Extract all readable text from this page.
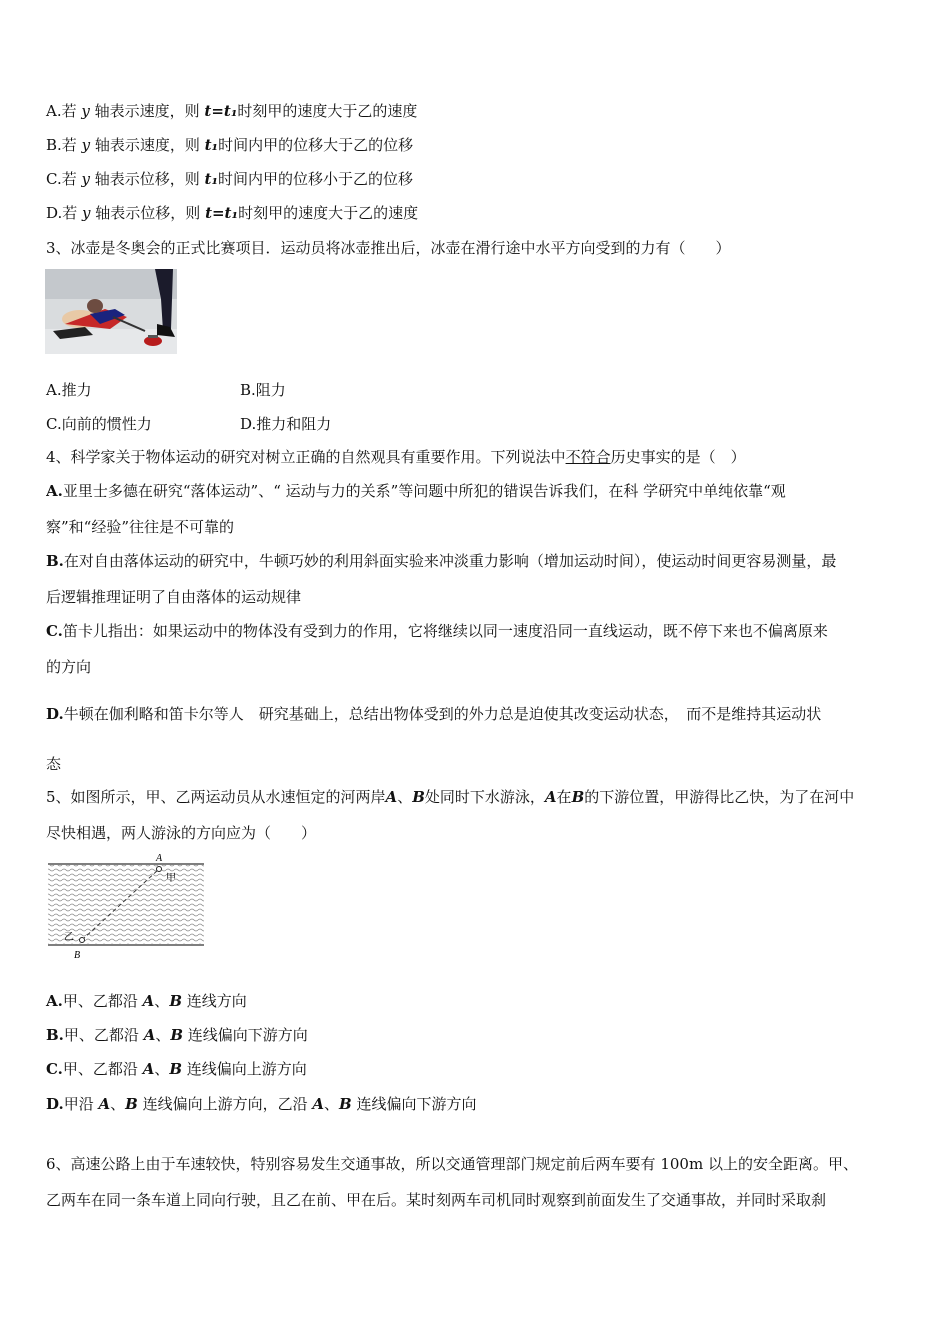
A.若 y 轴表示速度，则 t=t₁时刻甲的速度大于乙的速度
B.若 y 轴表示速度，则 t₁时间内甲的位移大于乙的位移
C.若 y 轴表示位移，则 t₁时间内甲的位移小于乙的位移
D.若 y 轴表示位移，则 t=t₁时刻甲的速度大于乙的速度
3、冰壶是冬奥会的正式比赛项目．运动员将冰壶推出后，冰壶在滑行途中水平方向受到的力有（　　）
A.推力	B.阻力
C.向前的惯性力	D.推力和阻力
4、科学家关于物体运动的研究对树立正确的自然观具有重要作用。下列说法中不符合历史事实的是（　）
A.亚里士多德在研究“落体运动”、“ 运动与力的关系”等问题中所犯的错误告诉我们，在科 学研究中单纯依靠“观
察”和“经验”往往是不可靠的
B.在对自由落体运动的研究中，牛顿巧妙的利用斜面实验来冲淡重力影响（增加运动时间），使运动时间更容易测量，最
后逻辑推理证明了自由落体的运动规律
C.笛卡儿指出：如果运动中的物体没有受到力的作用，它将继续以同一速度沿同一直线运动，既不停下来也不偏离原来
的方向
D.牛顿在伽利略和笛卡尔等人　研究基础上，总结出物体受到的外力总是迫使其改变运动状态，　而不是维持其运动状
态
5、如图所示，甲、乙两运动员从水速恒定的河两岸A、B处同时下水游泳，A在B的下游位置，甲游得比乙快，为了在河中
尽快相遇，两人游泳的方向应为（　　）
A
甲
乙
B
A.甲、乙都沿 A、B 连线方向
B.甲、乙都沿 A、B 连线偏向下游方向
C.甲、乙都沿 A、B 连线偏向上游方向
D.甲沿 A、B 连线偏向上游方向，乙沿 A、B 连线偏向下游方向
6、高速公路上由于车速较快，特别容易发生交通事故，所以交通管理部门规定前后两车要有 100m 以上的安全距离。甲、
乙两车在同一条车道上同向行驶，且乙在前、甲在后。某时刻两车司机同时观察到前面发生了交通事故，并同时采取刹
